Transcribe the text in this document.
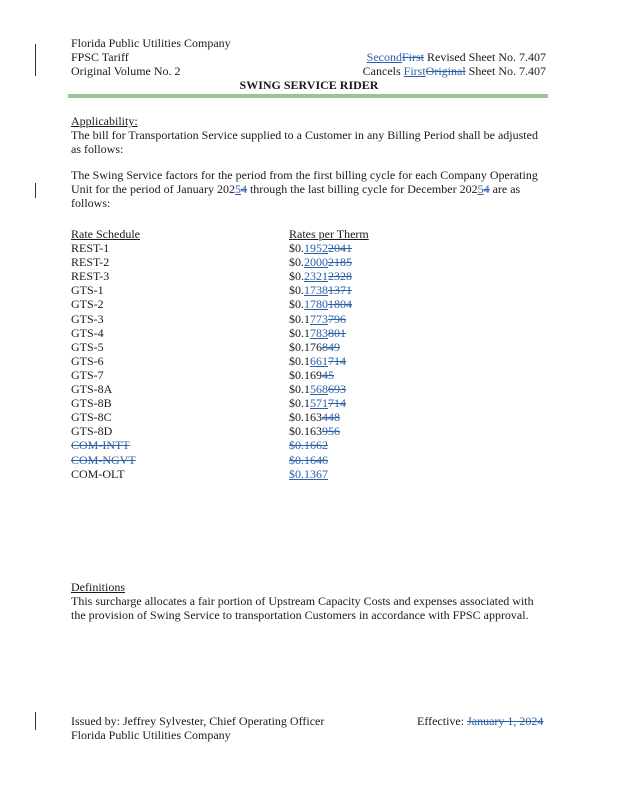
Florida Public Utilities Company
FPSC Tariff
Original Volume No. 2
SecondFirst Revised Sheet No. 7.407
Cancels FirstOriginal Sheet No. 7.407
SWING SERVICE RIDER
Applicability:
The bill for Transportation Service supplied to a Customer in any Billing Period shall be adjusted
as follows:
The Swing Service factors for the period from the first billing cycle for each Company Operating
Unit for the period of January 20254 through the last billing cycle for December 20254 are as
follows:
Rate Schedule	Rates per Therm
REST-1	$0.19522041
REST-2	$0.20002185
REST-3	$0.23212328
GTS-1	$0.17381371
GTS-2	$0.17801804
GTS-3	$0.1773796
GTS-4	$0.1783801
GTS-5	$0.176849
GTS-6	$0.1661714
GTS-7	$0.16945
GTS-8A	$0.1568693
GTS-8B	$0.1571714
GTS-8C	$0.163448
GTS-8D	$0.163956
COM-INTT	$0.1662
COM-NGVT	$0.1646
COM-OLT	$0.1367
Definitions
This surcharge allocates a fair portion of Upstream Capacity Costs and expenses associated with
the provision of Swing Service to transportation Customers in accordance with FPSC approval.
Issued by: Jeffrey Sylvester, Chief Operating Officer
Florida Public Utilities Company
Effective: January 1, 2024
